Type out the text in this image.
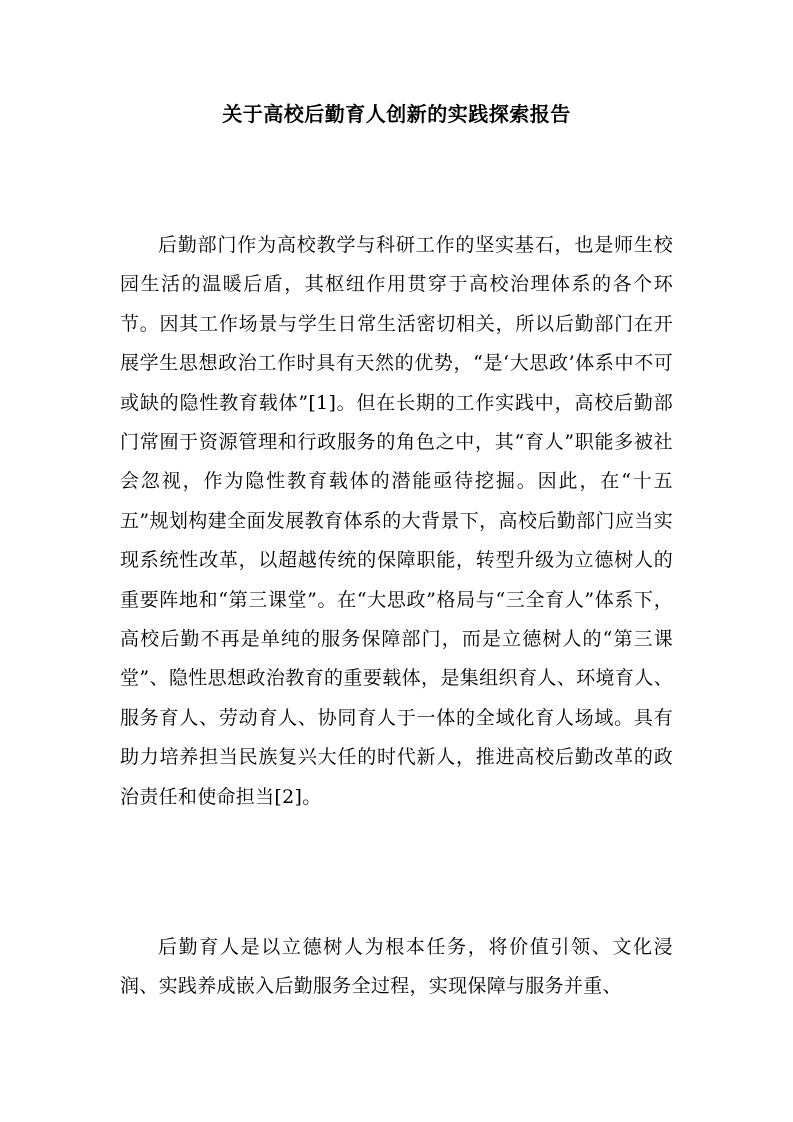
关于高校后勤育人创新的实践探索报告

后勤部门作为高校教学与科研工作的坚实基石，也是师生校园生活的温暖后盾，其枢纽作用贯穿于高校治理体系的各个环节。因其工作场景与学生日常生活密切相关，所以后勤部门在开展学生思想政治工作时具有天然的优势，“是‘大思政’体系中不可或缺的隐性教育载体”[1]。但在长期的工作实践中，高校后勤部门常囿于资源管理和行政服务的角色之中，其“育人”职能多被社会忽视，作为隐性教育载体的潜能亟待挖掘。因此，在“十五五”规划构建全面发展教育体系的大背景下，高校后勤部门应当实现系统性改革，以超越传统的保障职能，转型升级为立德树人的重要阵地和“第三课堂”。在“大思政”格局与“三全育人”体系下，高校后勤不再是单纯的服务保障部门，而是立德树人的“第三课堂”、隐性思想政治教育的重要载体，是集组织育人、环境育人、服务育人、劳动育人、协同育人于一体的全域化育人场域。具有助力培养担当民族复兴大任的时代新人，推进高校后勤改革的政治责任和使命担当[2]。

后勤育人是以立德树人为根本任务，将价值引领、文化浸润、实践养成嵌入后勤服务全过程，实现保障与服务并重、
